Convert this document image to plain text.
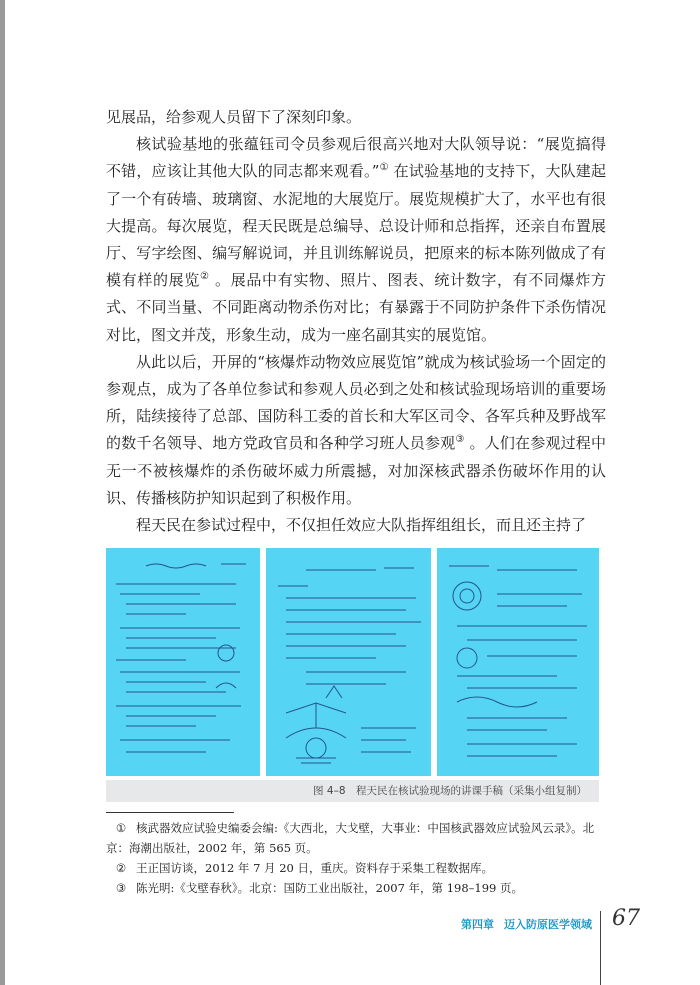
见展品，给参观人员留下了深刻印象。

核试验基地的张蕴钰司令员参观后很高兴地对大队领导说：“展览搞得不错，应该让其他大队的同志都来观看。”① 在试验基地的支持下，大队建起了一个有砖墙、玻璃窗、水泥地的大展览厅。展览规模扩大了，水平也有很大提高。每次展览，程天民既是总编导、总设计师和总指挥，还亲自布置展厅、写字绘图、编写解说词，并且训练解说员，把原来的标本陈列做成了有模有样的展览② 。展品中有实物、照片、图表、统计数字，有不同爆炸方式、不同当量、不同距离动物杀伤对比；有暴露于不同防护条件下杀伤情况对比，图文并茂，形象生动，成为一座名副其实的展览馆。

从此以后，开屏的“核爆炸动物效应展览馆”就成为核试验场一个固定的参观点，成为了各单位参试和参观人员必到之处和核试验现场培训的重要场所，陆续接待了总部、国防科工委的首长和大军区司令、各军兵种及野战军的数千名领导、地方党政官员和各种学习班人员参观③ 。人们在参观过程中无一不被核爆炸的杀伤破坏威力所震撼，对加深核武器杀伤破坏作用的认识、传播核防护知识起到了积极作用。

程天民在参试过程中，不仅担任效应大队指挥组组长，而且还主持了

图 4–8　程天民在核试验现场的讲课手稿（采集小组复制）

① 核武器效应试验史编委会编:《大西北，大戈壁，大事业：中国核武器效应试验风云录》。北京：海潮出版社，2002 年，第 565 页。

② 王正国访谈，2012 年 7 月 20 日，重庆。资料存于采集工程数据库。

③ 陈光明:《戈壁春秋》。北京：国防工业出版社，2007 年，第 198–199 页。

第四章 迈入防原医学领域 67
